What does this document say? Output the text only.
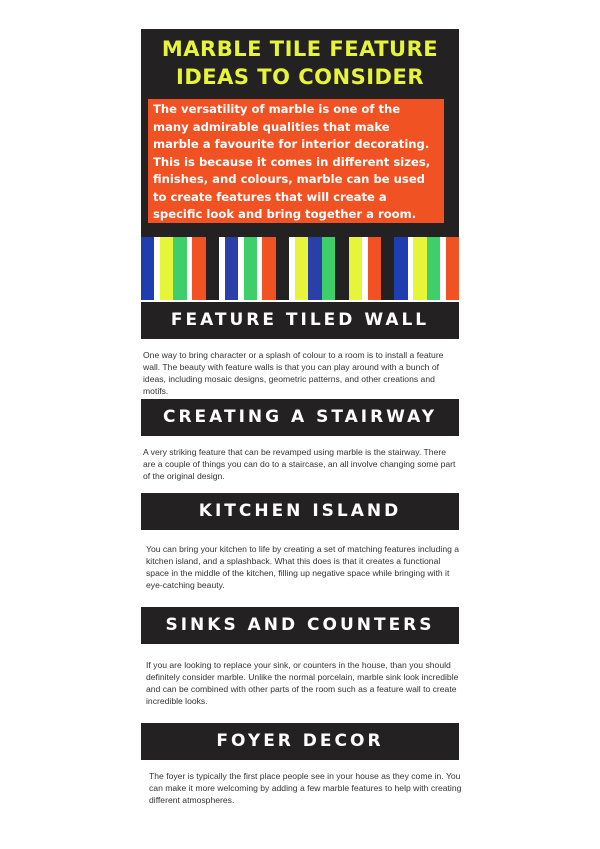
MARBLE TILE FEATURE
IDEAS TO CONSIDER

The versatility of marble is one of the many admirable qualities that make marble a favourite for interior decorating. This is because it comes in different sizes, finishes, and colours, marble can be used to create features that will create a specific look and bring together a room.

FEATURE TILED WALL

One way to bring character or a splash of colour to a room is to install a feature wall. The beauty with feature walls is that you can play around with a bunch of ideas, including mosaic designs, geometric patterns, and other creations and motifs.

CREATING A STAIRWAY

A very striking feature that can be revamped using marble is the stairway. There are a couple of things you can do to a staircase, an all involve changing some part of the original design.

KITCHEN ISLAND

You can bring your kitchen to life by creating a set of matching features including a kitchen island, and a splashback. What this does is that it creates a functional space in the middle of the kitchen, filling up negative space while bringing with it eye-catching beauty.

SINKS AND COUNTERS

If you are looking to replace your sink, or counters in the house, than you should definitely consider marble. Unlike the normal porcelain, marble sink look incredible and can be combined with other parts of the room such as a feature wall to create incredible looks.

FOYER DECOR

The foyer is typically the first place people see in your house as they come in. You can make it more welcoming by adding a few marble features to help with creating different atmospheres.
